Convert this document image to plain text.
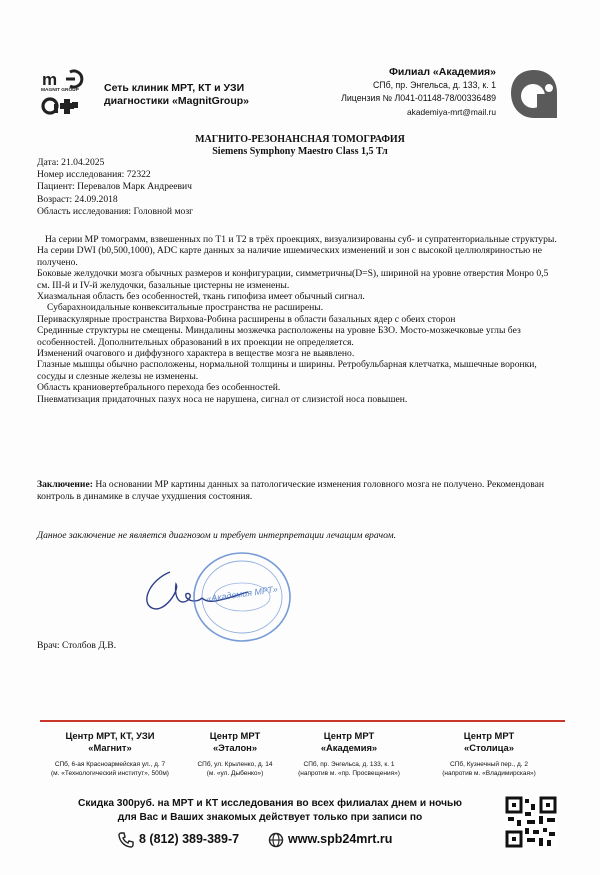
m
MAGNIT GROUP Сеть клиник МРТ, КТ и УЗИ
диагностики «MagnitGroup»
Филиал «Академия»
СПб, пр. Энгельса, д. 133, к. 1
Лицензия № Л041-01148-78/00336489
akademiya-mrt@mail.ru
МАГНИТО-РЕЗОНАНСНАЯ ТОМОГРАФИЯ
Siemens Symphony Maestro Class 1,5 Тл
Дата: 21.04.2025
Номер исследования: 72322
Пациент: Перевалов Марк Андреевич
Возраст: 24.09.2018
Область исследования: Головной мозг

На серии МР томограмм, взвешенных по Т1 и Т2 в трёх проекциях, визуализированы суб- и супратенториальные структуры.

На серии DWI (b0,500,1000), ADC карте данных за наличие ишемических изменений и зон с высокой целлюляриностью не получено.

Боковые желудочки мозга обычных размеров и конфигурации, симметричны(D=S), шириной на уровне отверстия Монро 0,5 см. III-й и IV-й желудочки, базальные цистерны не изменены.

Хиазмальная область без особенностей, ткань гипофиза имеет обычный сигнал.

Субарахноидальные конвекситальные пространства не расширены.

Периваскулярные пространства Вирхова-Робина расширены в области базальных ядер с обеих сторон

Срединные структуры не смещены. Миндалины мозжечка расположены на уровне БЗО. Мосто-мозжечковые углы без особенностей. Дополнительных образований в их проекции не определяется.

Изменений очагового и диффузного характера в веществе мозга не выявлено.

Глазные мышцы обычно расположены, нормальной толщины и ширины. Ретробульбарная клетчатка, мышечные воронки, сосуды и слезные железы не изменены.

Область краниовертебрального перехода без особенностей.

Пневматизация придаточных пазух носа не нарушена, сигнал от слизистой носа повышен.

Заключение: На основании МР картины данных за патологические изменения головного мозга не получено. Рекомендован контроль в динамике в случае ухудшения состояния.
Данное заключение не является диагнозом и требует интерпретации лечащим врачом.
«Академия МРТ»
Врач: Столбов Д.В.
Центр МРТ, КТ, УЗИ
«Магнит»
СПб, 6-ая Красноармейская ул., д. 7
(м. «Технологический институт», 500м)
Центр МРТ
«Эталон»
СПб, ул. Крыленко, д. 14
(м. «ул. Дыбенко»)
Центр МРТ
«Академия»
СПб, пр. Энгельса, д. 133, к. 1
(напротив м. «пр. Просвещения»)
Центр МРТ
«Столица»
СПб, Кузнечный пер., д. 2
(напротив м. «Владимирская»)
Скидка 300руб. на МРТ и КТ исследования во всех филиалах днем и ночью
для Вас и Ваших знакомых действует только при записи по
8 (812) 389-389-7	www.spb24mrt.ru
